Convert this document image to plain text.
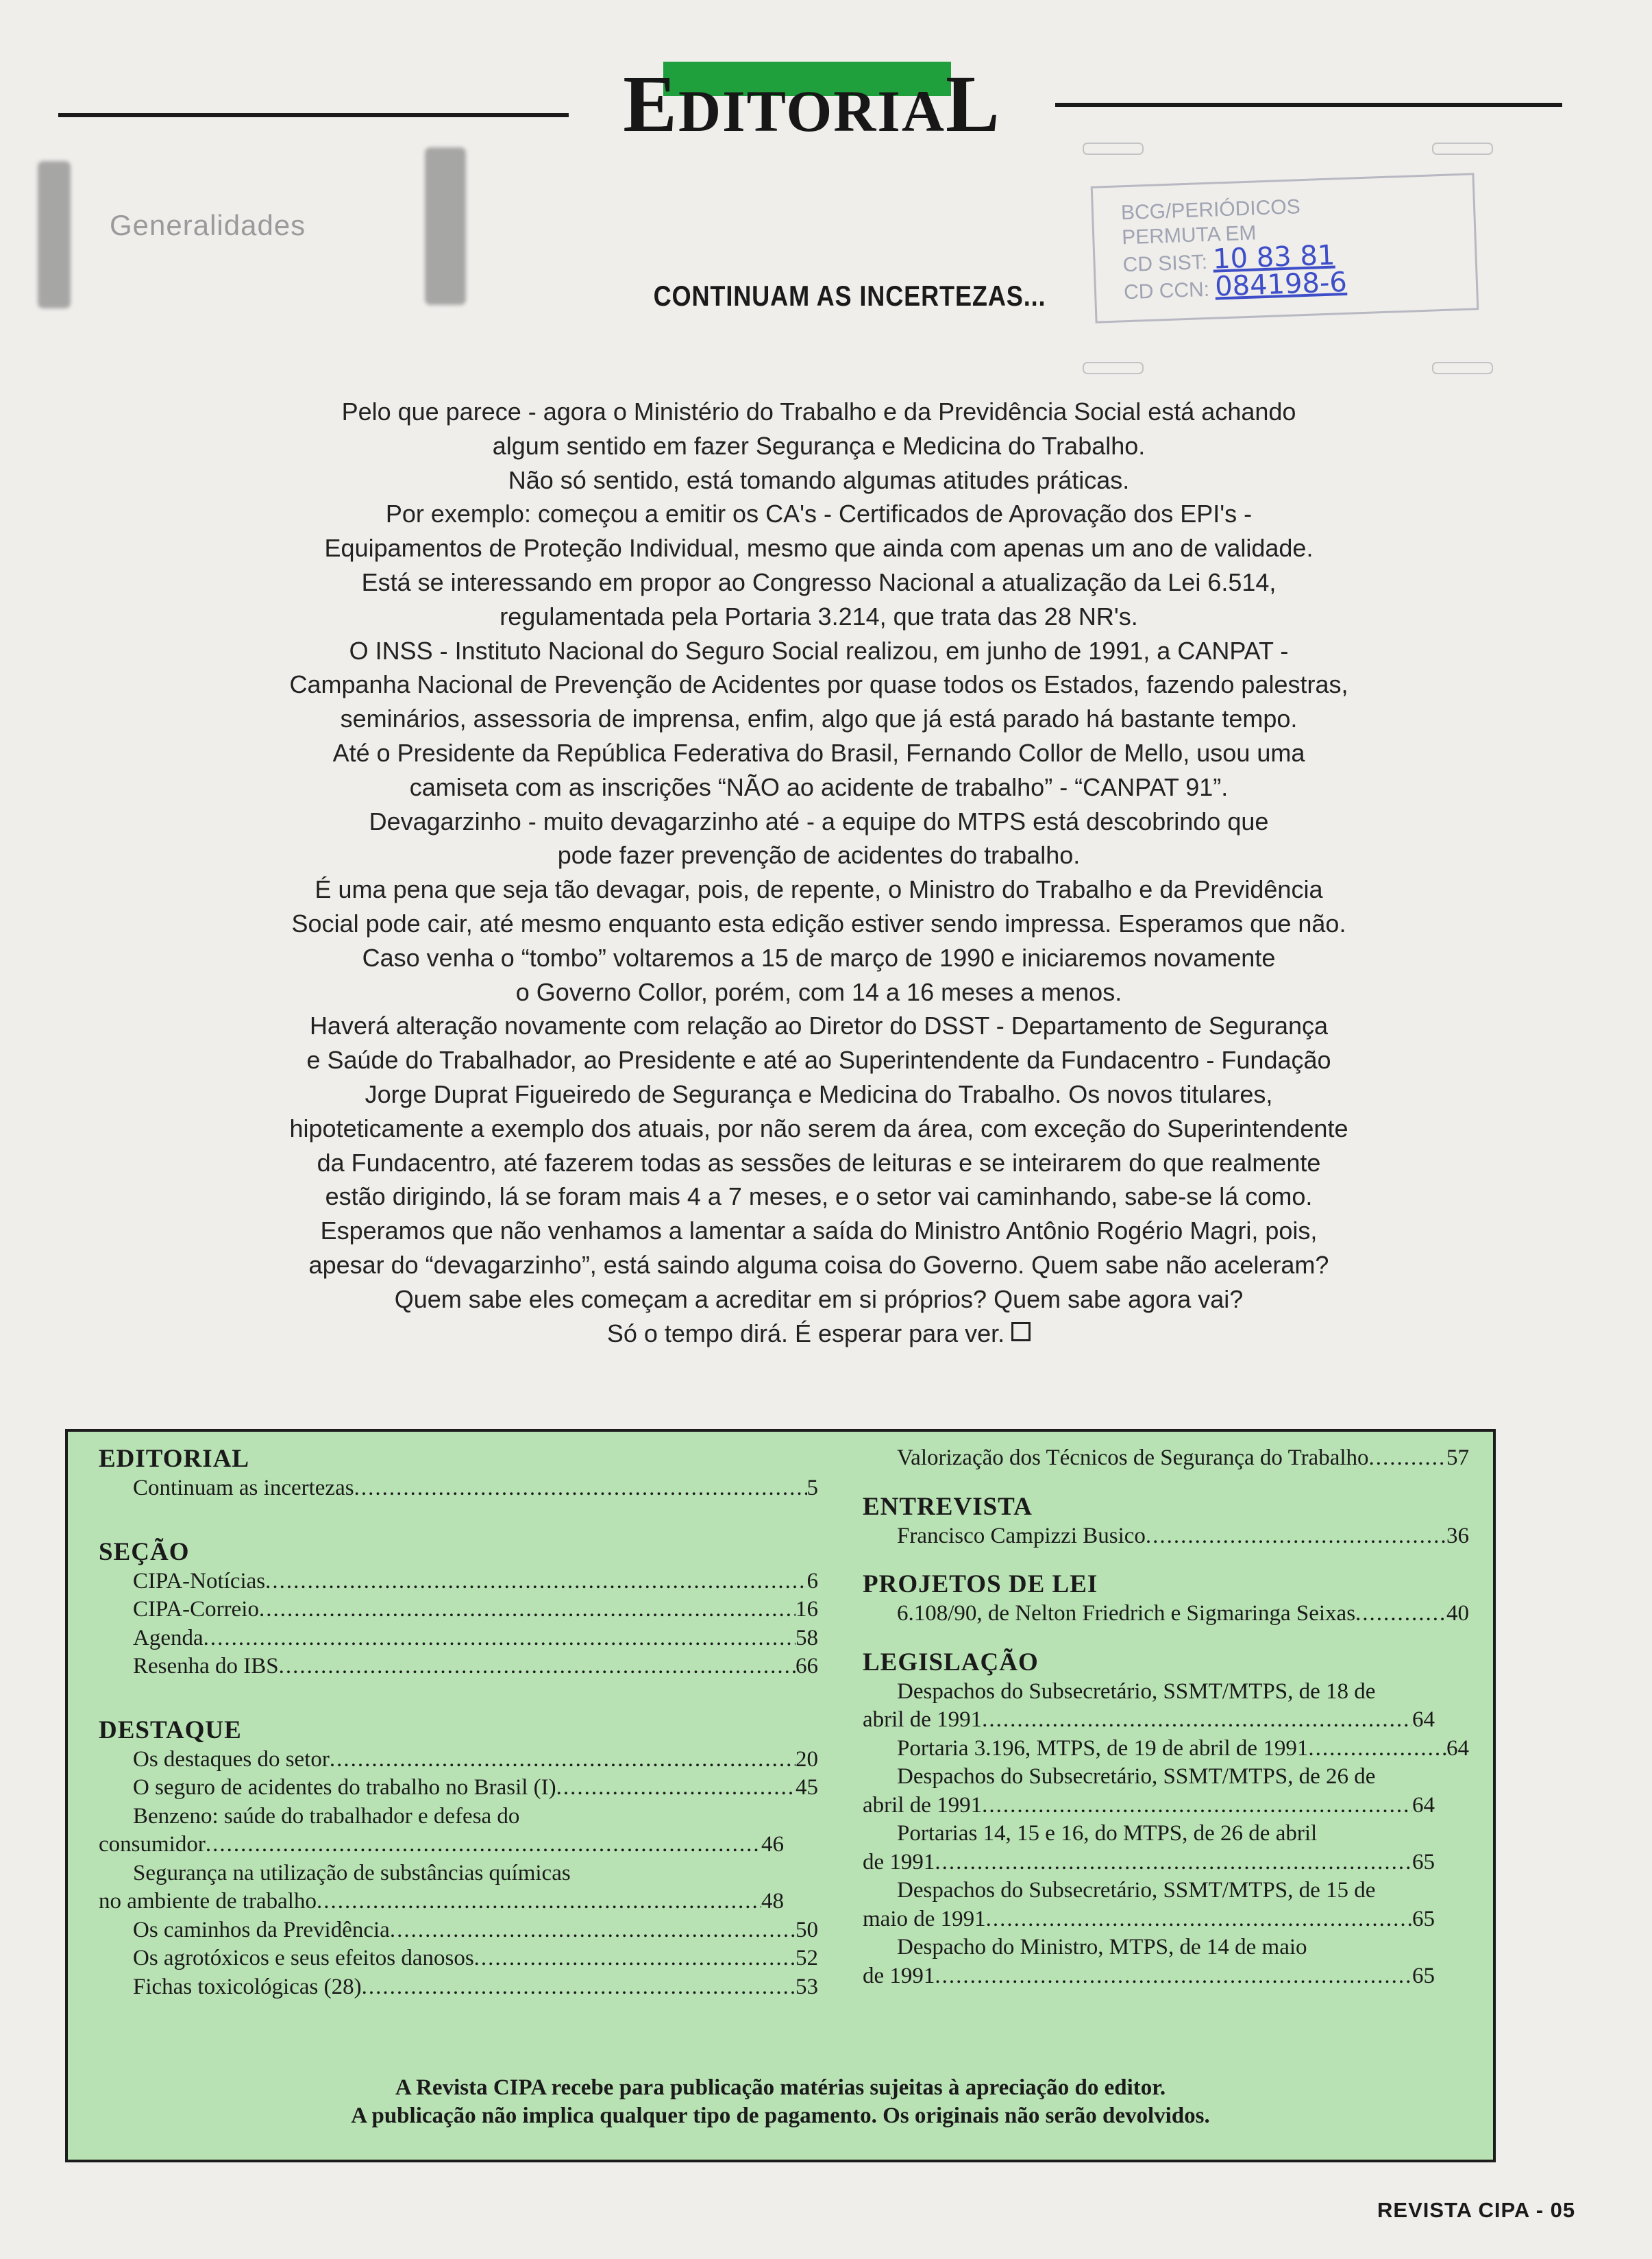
EDITORIAL
Generalidades	BCG/PERIÓDICOS
PERMUTA EM
CD SIST: 10 83 81
CD CCN: 084198-6
CONTINUAM AS INCERTEZAS...

Pelo que parece - agora o Ministério do Trabalho e da Previdência Social está achando

algum sentido em fazer Segurança e Medicina do Trabalho.

Não só sentido, está tomando algumas atitudes práticas.

Por exemplo: começou a emitir os CA's - Certificados de Aprovação dos EPI's -

Equipamentos de Proteção Individual, mesmo que ainda com apenas um ano de validade.

Está se interessando em propor ao Congresso Nacional a atualização da Lei 6.514,

regulamentada pela Portaria 3.214, que trata das 28 NR's.

O INSS - Instituto Nacional do Seguro Social realizou, em junho de 1991, a CANPAT -

Campanha Nacional de Prevenção de Acidentes por quase todos os Estados, fazendo palestras,

seminários, assessoria de imprensa, enfim, algo que já está parado há bastante tempo.

Até o Presidente da República Federativa do Brasil, Fernando Collor de Mello, usou uma

camiseta com as inscrições “NÃO ao acidente de trabalho” - “CANPAT 91”.

Devagarzinho - muito devagarzinho até - a equipe do MTPS está descobrindo que

pode fazer prevenção de acidentes do trabalho.

É uma pena que seja tão devagar, pois, de repente, o Ministro do Trabalho e da Previdência

Social pode cair, até mesmo enquanto esta edição estiver sendo impressa. Esperamos que não.

Caso venha o “tombo” voltaremos a 15 de março de 1990 e iniciaremos novamente

o Governo Collor, porém, com 14 a 16 meses a menos.

Haverá alteração novamente com relação ao Diretor do DSST - Departamento de Segurança

e Saúde do Trabalhador, ao Presidente e até ao Superintendente da Fundacentro - Fundação

Jorge Duprat Figueiredo de Segurança e Medicina do Trabalho. Os novos titulares,

hipoteticamente a exemplo dos atuais, por não serem da área, com exceção do Superintendente

da Fundacentro, até fazerem todas as sessões de leituras e se inteirarem do que realmente

estão dirigindo, lá se foram mais 4 a 7 meses, e o setor vai caminhando, sabe-se lá como.

Esperamos que não venhamos a lamentar a saída do Ministro Antônio Rogério Magri, pois,

apesar do “devagarzinho”, está saindo alguma coisa do Governo. Quem sabe não aceleram?

Quem sabe eles começam a acreditar em si próprios? Quem sabe agora vai?

Só o tempo dirá. É esperar para ver.

EDITORIAL
Continuam as incertezas .....	5
SEÇÃO
CIPA-Notícias .....	6
CIPA-Correio .....	16
Agenda .....	58
Resenha do IBS .....	66
DESTAQUE
Os destaques do setor .....	20
O seguro de acidentes do trabalho no Brasil (I) .....	45
Benzeno: saúde do trabalhador e defesa do
consumidor .....	46
Segurança na utilização de substâncias químicas
no ambiente de trabalho .....	48
Os caminhos da Previdência .....	50
Os agrotóxicos e seus efeitos danosos .....	52
Fichas toxicológicas (28) .....	53
Valorização dos Técnicos de Segurança do Trabalho .....	57
ENTREVISTA
Francisco Campizzi Busico .....	36
PROJETOS DE LEI
6.108/90, de Nelton Friedrich e Sigmaringa Seixas .....	40
LEGISLAÇÃO
Despachos do Subsecretário, SSMT/MTPS, de 18 de
abril de 1991 .....	64
Portaria 3.196, MTPS, de 19 de abril de 1991 .....	64
Despachos do Subsecretário, SSMT/MTPS, de 26 de
abril de 1991 .....	64
Portarias 14, 15 e 16, do MTPS, de 26 de abril
de 1991 .....	65
Despachos do Subsecretário, SSMT/MTPS, de 15 de
maio de 1991 .....	65
Despacho do Ministro, MTPS, de 14 de maio
de 1991 .....	65
A Revista CIPA recebe para publicação matérias sujeitas à apreciação do editor.
A publicação não implica qualquer tipo de pagamento. Os originais não serão devolvidos.
REVISTA CIPA - 05
